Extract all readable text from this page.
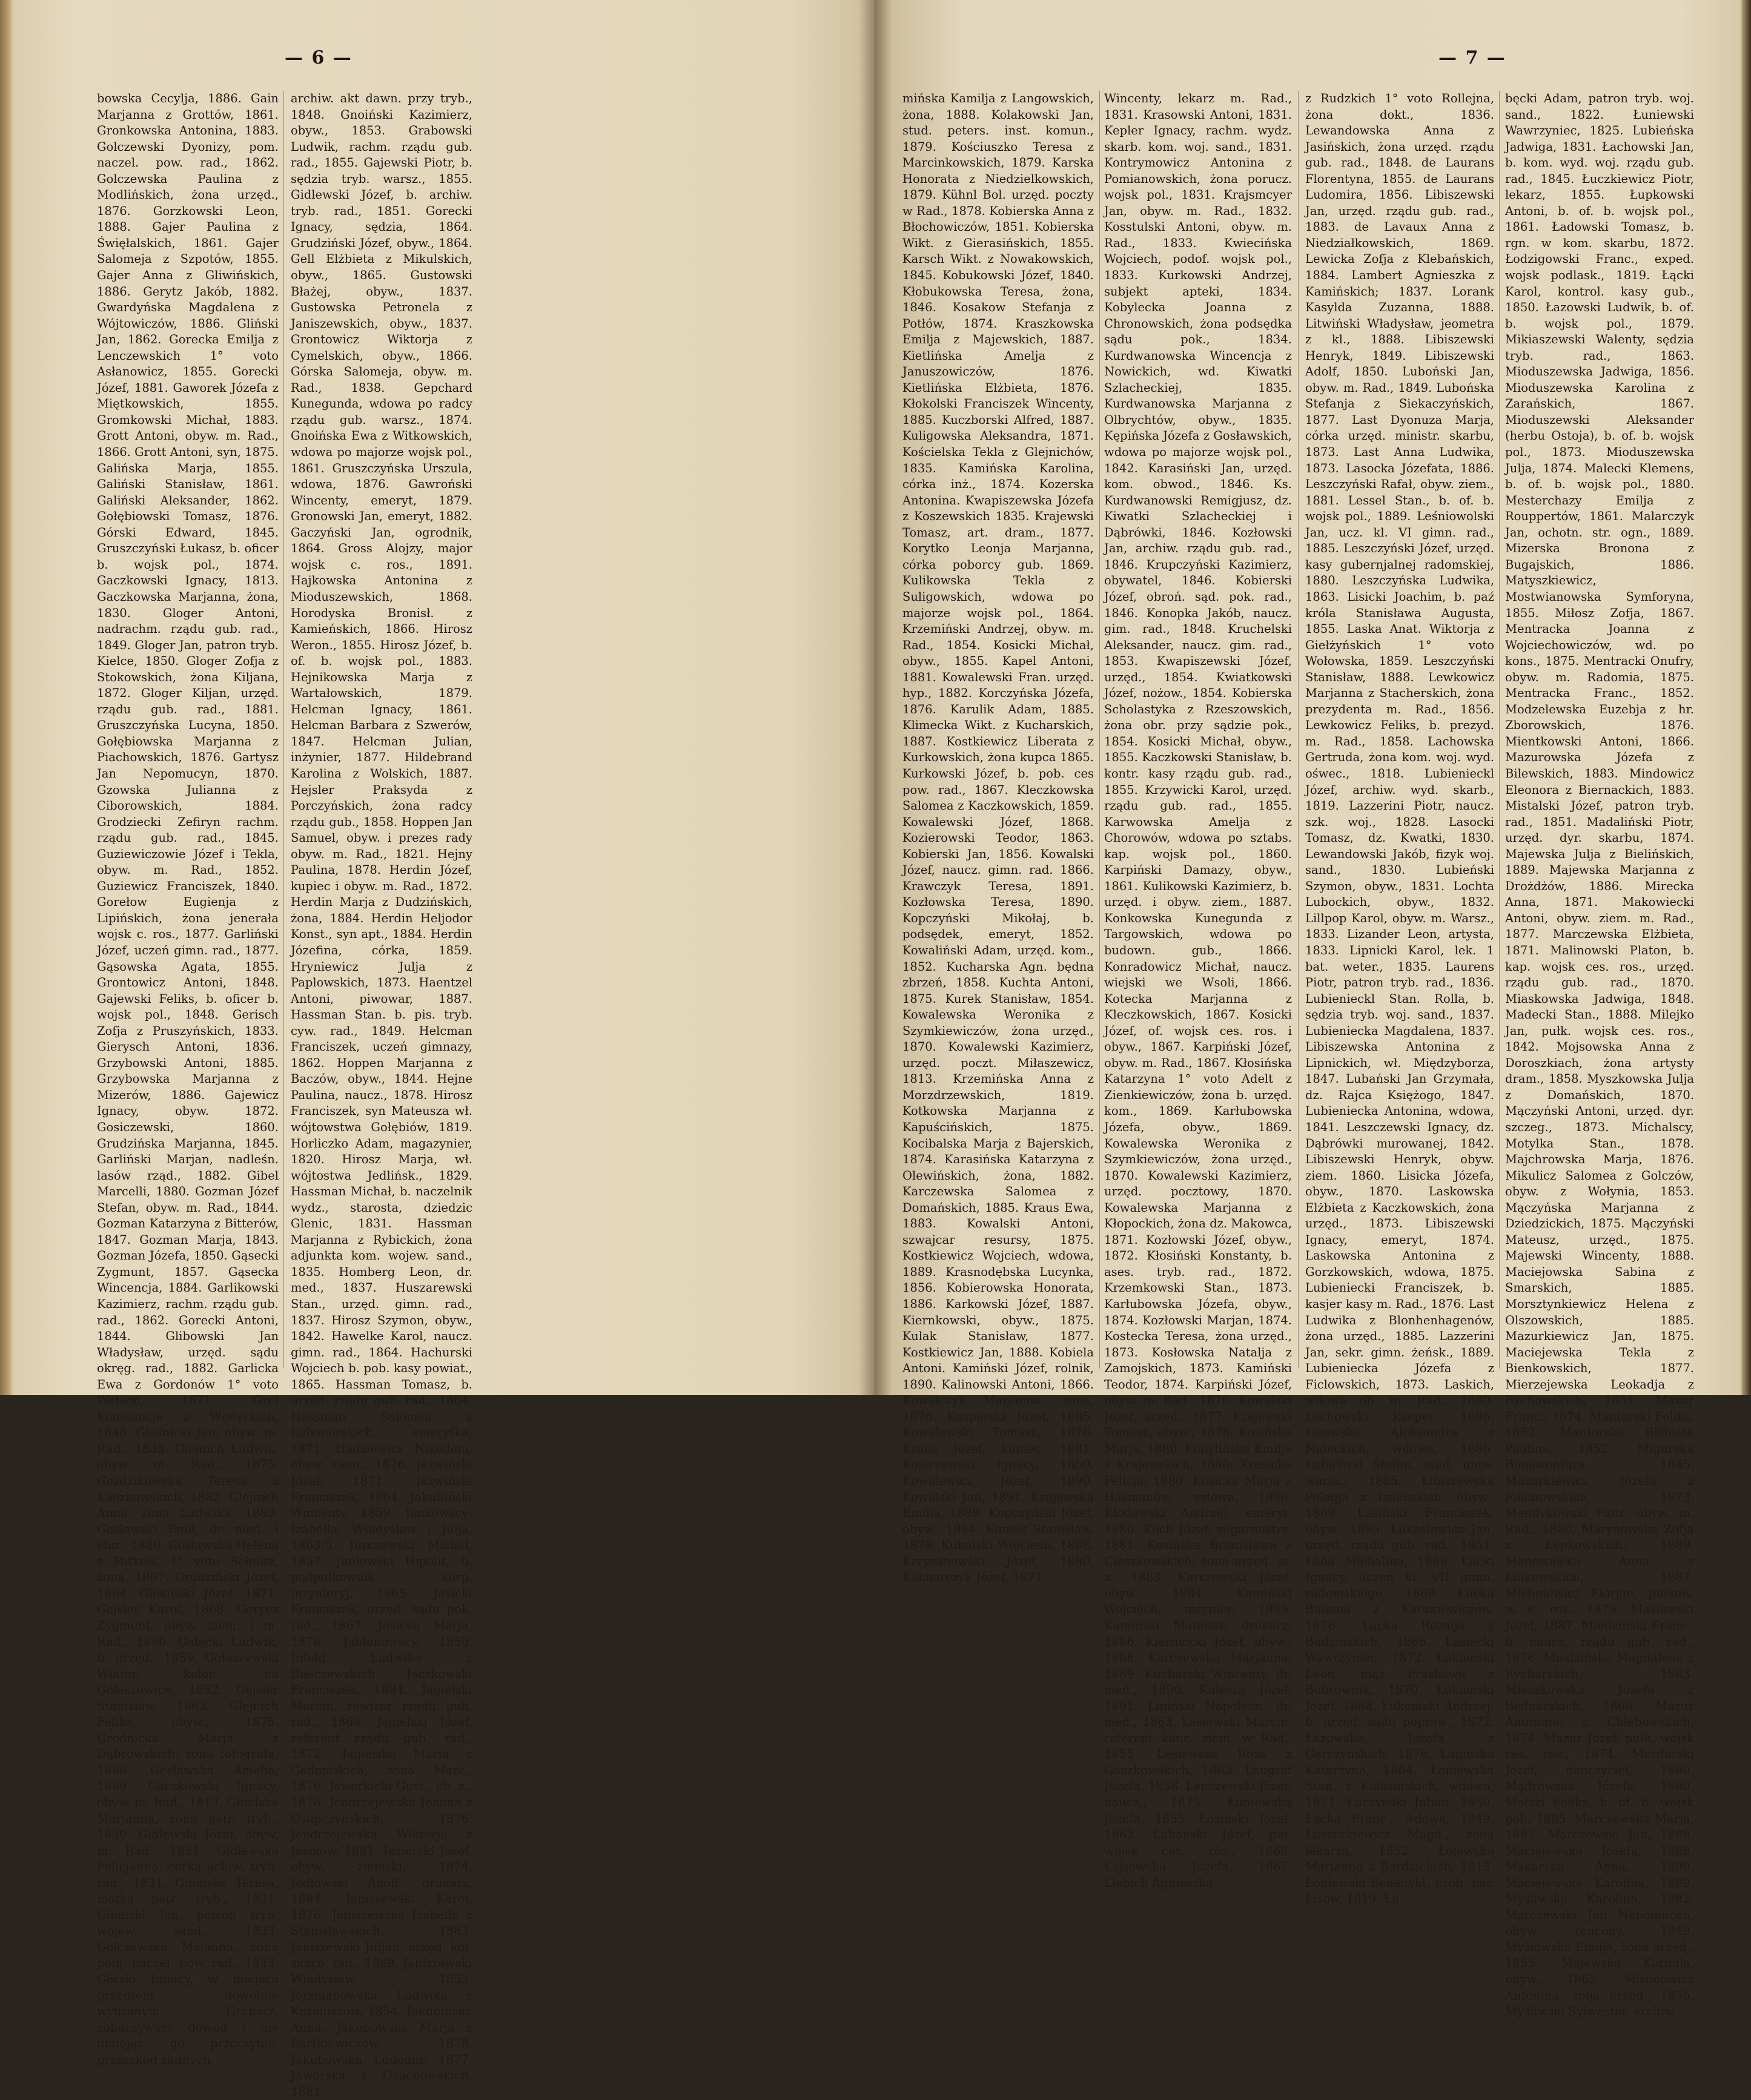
— 6 —

bowska Cecylja, 1886. Gain Marjanna z Grottów, 1861. Gronkowska Antonina, 1883. Golczewski Dyonizy, pom. naczel. pow. rad., 1862. Golczewska Paulina z Modlińskich, żona urzęd., 1876. Gorzkowski Leon, 1888. Gajer Paulina z Święłalskich, 1861. Gajer Salomeja z Szpotów, 1855. Gajer Anna z Gliwińskich, 1886. Gerytz Jakób, 1882. Gwardyńska Magdalena z Wójtowiczów, 1886. Gliński Jan, 1862. Gorecka Emilja z Lenczewskich 1° voto Asłanowicz, 1855. Gorecki Józef, 1881. Gaworek Józefa z Miętkowskich, 1855. Gromkowski Michał, 1883. Grott Antoni, obyw. m. Rad., 1866. Grott Antoni, syn, 1875. Galińska Marja, 1855. Galiński Stanisław, 1861. Galiński Aleksander, 1862. Gołębiowski Tomasz, 1876. Górski Edward, 1845. Gruszczyński Łukasz, b. oficer b. wojsk pol., 1874. Gaczkowski Ignacy, 1813. Gaczkowska Marjanna, żona, 1830. Gloger Antoni, nadrachm. rządu gub. rad., 1849. Gloger Jan, patron tryb. Kielce, 1850. Gloger Zofja z Stokowskich, żona Kiljana, 1872. Gloger Kiljan, urzęd. rządu gub. rad., 1881. Gruszczyńska Lucyna, 1850. Gołębiowska Marjanna z Piachowskich, 1876. Gartysz Jan Nepomucyn, 1870. Gzowska Julianna z Ciborowskich, 1884. Grodziecki Zefiryn rachm. rządu gub. rad., 1845. Guziewiczowie Józef i Tekla, obyw. m. Rad., 1852. Guziewicz Franciszek, 1840. Gorełow Eugienja z Lipińskich, żona jenerała wojsk c. ros., 1877. Garliński Józef, uczeń gimn. rad., 1877. Gąsowska Agata, 1855. Grontowicz Antoni, 1848. Gajewski Feliks, b. oficer b. wojsk pol., 1848. Gerisch Zofja z Pruszyńskich, 1833. Gierysch Antoni, 1836. Grzybowski Antoni, 1885. Grzybowska Marjanna z Mizerów, 1886. Gajewicz Ignacy, obyw. 1872. Gosiczewski, 1860. Grudzińska Marjanna, 1845. Garliński Marjan, nadleśn. lasów rząd., 1882. Gibel Marcelli, 1880. Gozman Józef Stefan, obyw. m. Rad., 1844. Gozman Katarzyna z Bitterów, 1847. Gozman Marja, 1843. Gozman Józefa, 1850. Gąsecki Zygmunt, 1857. Gąsecka Wincencja, 1884. Garlikowski Kazimierz, rachm. rządu gub. rad., 1862. Gorecki Antoni, 1844. Glibowski Jan Władysław, urzęd. sądu okręg. rad., 1882. Garlicka Ewa z Gordonów 1° voto Watson, 1871. Gzel Konstancja z Wędyckich, 1848. Gleśnicki Jan, obyw. m. Rad., 1833. Glejnich Ludwik, obyw. m. Rad., 1875. Goździkowska Teresa z Kaczkowskich, 1882. Glejnich Anna, żona Ludwika, 1883. Gosławski Emil, dr. med. i chir., 1880. Gosławska Helena z Patków, 1° voto Schultz, żona, 1867. Grudziński Józef, 1864. Gliwiński Józef, 1871. Gejsler Karol, 1868. Geryez Zygmunt, obyw. ziem. i m. Rad., 1890. Gałecki Ludwik, b. urzęd., 1859. Gołaszewski Wiktor, kolon. na Gołaszowice, 1852. Gejsler Stanisław, 1863. Glejnich Feliks, obyw., 1875. Grodnicka Marja z Dąbrowskich, żona fotografa, 1888. Gosławska Amelja, 1889. Gaczkowski Ignacy, obyw. m. Rad., 1813. Ginalska Marjanna, żona patr. tryb., 1830. Gidlewski Józef, obyw. m. Rad., 1831. Gidlewska Felicjanna, córka achiw. tryb. rad., 1831. Ginalska Teresa, matka patr. tryb., 1831. Ginalski Jan, patron tryb. wojew. sand., 1833. Golczewska Majanna, żona pom. naczel. pow. rad., 1843. Górski Ignacy, w miejscu przedtem dowolnie wybranym. Grabarz, zobaczywszy dowód i nie umiejąc go przeczytać, przeszkód żadnych

archiw. akt dawn. przy tryb., 1848. Gnoiński Kazimierz, obyw., 1853. Grabowski Ludwik, rachm. rządu gub. rad., 1855. Gajewski Piotr, b. sędzia tryb. warsz., 1855. Gidlewski Józef, b. archiw. tryb. rad., 1851. Gorecki Ignacy, sędzia, 1864. Grudziński Józef, obyw., 1864. Gell Elżbieta z Mikulskich, obyw., 1865. Gustowski Błażej, obyw., 1837. Gustowska Petronela z Janiszewskich, obyw., 1837. Grontowicz Wiktorja z Cymelskich, obyw., 1866. Górska Salomeja, obyw. m. Rad., 1838. Gepchard Kunegunda, wdowa po radcy rządu gub. warsz., 1874. Gnoińska Ewa z Witkowskich, wdowa po majorze wojsk pol., 1861. Gruszczyńska Urszula, wdowa, 1876. Gawroński Wincenty, emeryt, 1879. Gronowski Jan, emeryt, 1882. Gaczyński Jan, ogrodnik, 1864. Gross Alojzy, major wojsk c. ros., 1891. Hajkowska Antonina z Mioduszewskich, 1868. Horodyska Bronisł. z Kamieńskich, 1866. Hirosz Weron., 1855. Hirosz Józef, b. of. b. wojsk pol., 1883. Hejnikowska Marja z Wartałowskich, 1879. Helcman Ignacy, 1861. Helcman Barbara z Szwerów, 1847. Helcman Julian, inżynier, 1877. Hildebrand Karolina z Wolskich, 1887. Hejsler Praksyda z Porczyńskich, żona radcy rządu gub., 1858. Hoppen Jan Samuel, obyw. i prezes rady obyw. m. Rad., 1821. Hejny Paulina, 1878. Herdin Józef, kupiec i obyw. m. Rad., 1872. Herdin Marja z Dudzińskich, żona, 1884. Herdin Heljodor Konst., syn apt., 1884. Herdin Józefina, córka, 1859. Hryniewicz Julja z Paplowskich, 1873. Haentzel Antoni, piwowar, 1887. Hassman Stan. b. pis. tryb. cyw. rad., 1849. Helcman Franciszek, uczeń gimnazy, 1862. Hoppen Marjanna z Baczów, obyw., 1844. Hejne Paulina, naucz., 1878. Hirosz Franciszek, syn Mateusza wł. wójtowstwa Gołębiów, 1819. Horliczko Adam, magazynier, 1820. Hirosz Marja, wł. wójtostwa Jedlińsk., 1829. Hassman Michał, b. naczelnik wydz., starosta, dziedzic Glenic, 1831. Hassman Marjanna z Rybickich, żona adjunkta kom. wojew. sand., 1835. Homberg Leon, dr. med., 1837. Huszarewski Stan., urzęd. gimn. rad., 1837. Hirosz Szymon, obyw., 1842. Hawelke Karol, naucz. gimn. rad., 1864. Hachurski Wojciech b. pob. kasy powiat., 1865. Hassman Tomasz, b. urzęd. rządu gub. rad., 1864. Hassman Salomea z Lubomirskich, emerytka, 1871. Hadziewicz Nikodem, obyw. ziem., 1876. Jaźwiński Józef, 1871. Jaźwiński Franciszek, 1864. Jakubiński Wincenty, 1859. Jankowscy: Izabella, Władysław i Julja, 1863/5. Jurczewski Michał, 1857. Juniewski Hipolit, b. podpułkownik korp. inżynieryj, 1865. Jasicki Franciszek, urzęd. sądu pok. rad., 1867. Jasicka Marja, 1878. Jabłonowscy, 1850. Infeld Ludwika z Bielczewskich. Jaczkowski Franciszek, 1884. Jagielski Marcin, rewizor rządu gub. rad., 1868. Jagielski Józef, referent rządu gub. rad., 1872. Jagielska Marja z Gadomskich, żona Marc., 1876. Jaworkicki Gust., ob. z., 1878. Jendrzejewska Joanna z Osupczyńskich, 1876. Jendrzejewska Wiktorja z Jasików, 1881. Jezierski Józef, obyw. ziemski, 1874. Jodłowski Adolf, drukarz, 1884. Janiszewski Karol, 1876. Janiszewska Izabella z Stanisławskich, 1883. Janiszewski Juljan, urzęd. kol. skarb. rad., 1889. Janiszewski Władysław, 1853. Jerzmanowska Ludwika z Kurejuszów, 1854. Jakubińska Anna, Jakubowska Marja z Bartkiewiczów, 1878. Jakubowska Ludomir, 1877. Jaworska z Osuchowskich, 1881.

— 7 —

mińska Kamilja z Langowskich, żona, 1888. Kolakowski Jan, stud. peters. inst. komun., 1879. Kościuszko Teresa z Marcinkowskich, 1879. Karska Honorata z Niedzielkowskich, 1879. Kühnl Bol. urzęd. poczty w Rad., 1878. Kobierska Anna z Błochowiczów, 1851. Kobierska Wikt. z Gierasińskich, 1855. Karsch Wikt. z Nowakowskich, 1845. Kobukowski Józef, 1840. Kłobukowska Teresa, żona, 1846. Kosakow Stefanja z Potłów, 1874. Kraszkowska Emilja z Majewskich, 1887. Kietlińska Amelja z Januszowiczów, 1876. Kietlińska Elżbieta, 1876. Kłokolski Franciszek Wincenty, 1885. Kuczborski Alfred, 1887. Kuligowska Aleksandra, 1871. Kościelska Tekla z Glejnichów, 1835. Kamińska Karolina, córka inż., 1874. Kozerska Antonina. Kwapiszewska Józefa z Koszewskich 1835. Krajewski Tomasz, art. dram., 1877. Korytko Leonja Marjanna, córka poborcy gub. 1869. Kulikowska Tekla z Suligowskich, wdowa po majorze wojsk pol., 1864. Krzemiński Andrzej, obyw. m. Rad., 1854. Kosicki Michał, obyw., 1855. Kapel Antoni, 1881. Kowalewski Fran. urzęd. hyp., 1882. Korczyńska Józefa, 1876. Karulik Adam, 1885. Klimecka Wikt. z Kucharskich, 1887. Kostkiewicz Liberata z Kurkowskich, żona kupca 1865. Kurkowski Józef, b. pob. ces pow. rad., 1867. Kleczkowska Salomea z Kaczkowskich, 1859. Kowalewski Józef, 1868. Kozierowski Teodor, 1863. Kobierski Jan, 1856. Kowalski Józef, naucz. gimn. rad. 1866. Krawczyk Teresa, 1891. Kozłowska Teresa, 1890. Kopczyński Mikołaj, b. podsędek, emeryt, 1852. Kowaliński Adam, urzęd. kom., 1852. Kucharska Agn. będna zbrzeń, 1858. Kuchta Antoni, 1875. Kurek Stanisław, 1854. Kowalewska Weronika z Szymkiewiczów, żona urzęd., 1870. Kowalewski Kazimierz, urzęd. poczt. Miłaszewicz, 1813. Krzemińska Anna z Morzdrzewskich, 1819. Kotkowska Marjanna z Kapuścińskich, 1875. Kocibalska Marja z Bajerskich, 1874. Karasińska Katarzyna z Olewińskich, żona, 1882. Karczewska Salomea z Domańskich, 1885. Kraus Ewa, 1883. Kowalski Antoni, szwajcar resursy, 1875. Kostkiewicz Wojciech, wdowa, 1889. Krasnodębska Lucynka, 1856. Kobierowska Honorata, 1886. Karkowski Józef, 1887. Kiernkowski, obyw., 1875. Kulak Stanisław, 1877. Kostkiewicz Jan, 1888. Kobiela Antoni. Kamiński Józef, rolnik, 1890. Kalinowski Antoni, 1866. Kowalczyk Marjanna, żona, 1876. Kasperski Józef, 1885. Kowalewski Tomasz, 1878. Kraus Józef, kupiec, 1881. Kostrzewski Ignacy, 1850. Kowalewicz Józef, 1890. Kowalski Jan, 1891. Krajewska Emilja, 1889. Kopczyński Józef, obyw., 1884. Klimek Stanisław, 1878. Kubalski Wojciech, 1868. Krzyżanowski Józef, 1880. Kucharczyk Józef, 1871.

Wincenty, lekarz m. Rad., 1831. Krasowski Antoni, 1831. Kepler Ignacy, rachm. wydz. skarb. kom. woj. sand., 1831. Kontrymowicz Antonina z Pomianowskich, żona porucz. wojsk pol., 1831. Krajsmcyer Jan, obyw. m. Rad., 1832. Kosstulski Antoni, obyw. m. Rad., 1833. Kwiecińska Wojciech, podof. wojsk pol., 1833. Kurkowski Andrzej, subjekt apteki, 1834. Kobylecka Joanna z Chronowskich, żona podsędka sądu pok., 1834. Kurdwanowska Wincencja z Nowickich, wd. Kiwatki Szlacheckiej, 1835. Kurdwanowska Marjanna z Olbrychtów, obyw., 1835. Kępińska Józefa z Gosławskich, wdowa po majorze wojsk pol., 1842. Karasiński Jan, urzęd. kom. obwod., 1846. Ks. Kurdwanowski Remigjusz, dz. Kiwatki Szlacheckiej i Dąbrówki, 1846. Kozłowski Jan, archiw. rządu gub. rad., 1846. Krupczyński Kazimierz, obywatel, 1846. Kobierski Józef, obroń. sąd. pok. rad., 1846. Konopka Jakób, naucz. gim. rad., 1848. Kruchelski Aleksander, naucz. gim. rad., 1853. Kwapiszewski Józef, urzęd., 1854. Kwiatkowski Józef, nożow., 1854. Kobierska Scholastyka z Rzeszowskich, żona obr. przy sądzie pok., 1854. Kosicki Michał, obyw., 1855. Kaczkowski Stanisław, b. kontr. kasy rządu gub. rad., 1855. Krzywicki Karol, urzęd. rządu gub. rad., 1855. Karwowska Amelja z Chorowów, wdowa po sztabs. kap. wojsk pol., 1860. Karpiński Damazy, obyw., 1861. Kulikowski Kazimierz, b. urzęd. i obyw. ziem., 1887. Konkowska Kunegunda z Targowskich, wdowa po budown. gub., 1866. Konradowicz Michał, naucz. wiejski we Wsoli, 1866. Kotecka Marjanna z Kleczkowskich, 1867. Kosicki Józef, of. wojsk ces. ros. i obyw., 1867. Karpiński Józef, obyw. m. Rad., 1867. Kłosińska Katarzyna 1° voto Adelt z Zienkiewiczów, żona b. urzęd. kom., 1869. Karłubowska Józefa, obyw., 1869. Kowalewska Weronika z Szymkiewiczów, żona urzęd., 1870. Kowalewski Kazimierz, urzęd. pocztowy, 1870. Kowalewska Marjanna z Kłopockich, żona dz. Makowca, 1871. Kozłowski Józef, obyw., 1872. Kłosiński Konstanty, b. ases. tryb. rad., 1872. Krzemkowski Stan., 1873. Karłubowska Józefa, obyw., 1874. Kozłowski Marjan, 1874. Kostecka Teresa, żona urzęd., 1873. Kosłowska Natalja z Zamojskich, 1873. Kamiński Teodor, 1874. Karpiński Józef, obyw. m. Rad., 1876. Kowalski Józef, urzęd., 1877. Krajewski Tomasz, obyw., 1878. Kosińska Marja, 1880. Kobylińska Emilja z Krajewskich, 1880. Krasicka Felicja, 1880. Kosicka Marja z Hasmanów, wdowa, 1880. Kłodawski Andrzej, emeryt, 1880. Koch Józef, zegarmistrz, 1881. Kosińska Bronisława z Cieszkowskich, żona urzęd. st. z., 1883. Karczewski Józef, obyw., 1884. Kamiński Wojciech, inżynier, 1885. Kamiński Mateusz, drukarz, 1886. Kierniccki Józef, obyw., 1888. Karczewska Marjanna, 1889. Kucharski Wincenty, dr. med., 1890. Kulesza Józef, 1891. Lipiński Napoleon, dr. med., 1863. Lasiewski Marcin, referent kanc. ziem. w Rad., 1855. Lesiewska Róża z Gaczkowskich, 1863. Laugraf Józefa, 1858. Lenczewski Józef, naucz., 1875. Łuniewska Józefa, 1855. Łoziński Józef, 1862. Lubański Józef, puł. wojsk ces. ros., 1868. Lajsowska Józefa, 1867. Liebich Agnieszka

z Rudzkich 1° voto Rollejna, żona dokt., 1836. Lewandowska Anna z Jasińskich, żona urzęd. rządu gub. rad., 1848. de Laurans Florentyna, 1855. de Laurans Ludomira, 1856. Libiszewski Jan, urzęd. rządu gub. rad., 1883. de Lavaux Anna z Niedziałkowskich, 1869. Lewicka Zofja z Klebańskich, 1884. Lambert Agnieszka z Kamińskich; 1837. Lorank Kasylda Zuzanna, 1888. Litwiński Władysław, jeometra z kl., 1888. Libiszewski Henryk, 1849. Libiszewski Adolf, 1850. Luboński Jan, obyw. m. Rad., 1849. Lubońska Stefanja z Siekaczyńskich, 1877. Last Dyonuza Marja, córka urzęd. ministr. skarbu, 1873. Last Anna Ludwika, 1873. Lasocka Józefata, 1886. Leszczyński Rafał, obyw. ziem., 1881. Lessel Stan., b. of. b. wojsk pol., 1889. Leśniowolski Jan, ucz. kl. VI gimn. rad., 1885. Leszczyński Józef, urzęd. kasy gubernjalnej radomskiej, 1880. Leszczyńska Ludwika, 1863. Lisicki Joachim, b. paź króla Stanisława Augusta, 1855. Laska Anat. Wiktorja z Giełżyńskich 1° voto Wołowska, 1859. Leszczyński Stanisław, 1888. Lewkowicz Marjanna z Stacherskich, żona prezydenta m. Rad., 1856. Lewkowicz Feliks, b. prezyd. m. Rad., 1858. Lachowska Gertruda, żona kom. woj. wyd. ośwec., 1818. Lubienieckl Józef, archiw. wyd. skarb., 1819. Lazzerini Piotr, naucz. szk. woj., 1828. Lasocki Tomasz, dz. Kwatki, 1830. Lewandowski Jakób, fizyk woj. sand., 1830. Lubieński Szymon, obyw., 1831. Lochta Lubockich, obyw., 1832. Lillpop Karol, obyw. m. Warsz., 1833. Lizander Leon, artysta, 1833. Lipnicki Karol, lek. 1 bat. weter., 1835. Laurens Piotr, patron tryb. rad., 1836. Lubienieckl Stan. Rolla, b. sędzia tryb. woj. sand., 1837. Lubieniecka Magdalena, 1837. Libiszewska Antonina z Lipnickich, wł. Międzyborza, 1847. Lubański Jan Grzymała, dz. Rajca Księżogo, 1847. Lubieniecka Antonina, wdowa, 1841. Leszczewski Ignacy, dz. Dąbrówki murowanej, 1842. Libiszewski Henryk, obyw. ziem. 1860. Lisicka Józefa, obyw., 1870. Laskowska Elżbieta z Kaczkowskich, żona urzęd., 1873. Libiszewski Ignacy, emeryt, 1874. Laskowska Antonina z Gorzkowskich, wdowa, 1875. Lubieniecki Franciszek, b. kasjer kasy m. Rad., 1876. Last Ludwika z Blonhenhagenów, żona urzęd., 1885. Lazzerini Jan, sekr. gimn. żeńsk., 1889. Lubieniecka Józefa z Ficlowskich, 1873. Laskich, wdowa ob. m. Rad., 1880. Lechowski Kacper, 1886. Lisowska Aleksandra z Nideckich, wdowa, 1886. Lubicński Stefan, stud. uniw. warsz., 1885. Libiszewska Pelagja z Izdebskich, obyw., 1869. Lasiński Franciszek, obyw., 1885. Łukasiewicz Jan, urzęd. rządu gub. rad., 1851. Łada Michalina, 1889. Łucki Ignacy, uczeń kl. VII gimn. radomskiego, 1869. Łucka Balbina z Kaczkiewiczów, 1876. Łącka Rozalja z Budzińskich, 1866. Łasiecki Wawrzyniec, 1872. Łukomski Leon, mąż Praskowji z Bobrownik, 1870. Łukomski Józef, 1868. Łukomski Andrzej, b. urzęd. sądu popraw., 1872. Łazowska Józefa z Garczyńskich, 1876. Łapińska Katarzyna, 1864. Łoniewska Stan. z Kolasińskich, wdowa, 1871. Łuczyński Julian, 1850. Łącka Franc., wdowa, 1849. Łuszczkiewicz Magd., żona lekarza, 1852. Łojewska Marjanna z Bardzickich, 1813. Łoniewski Benedykt, prob. par. Lisów, 1819. Łu-

bęcki Adam, patron tryb. woj. sand., 1822. Łuniewski Wawrzyniec, 1825. Lubieńska Jadwiga, 1831. Łachowski Jan, b. kom. wyd. woj. rządu gub. rad., 1845. Łuczkiewicz Piotr, lekarz, 1855. Łupkowski Antoni, b. of. b. wojsk pol., 1861. Ładowski Tomasz, b. rgn. w kom. skarbu, 1872. Łodzigowski Franc., exped. wojsk podlask., 1819. Łącki Karol, kontrol. kasy gub., 1850. Łazowski Ludwik, b. of. b. wojsk pol., 1879. Mikiaszewski Walenty, sędzia tryb. rad., 1863. Mioduszewska Jadwiga, 1856. Mioduszewska Karolina z Zarańskich, 1867. Mioduszewski Aleksander (herbu Ostoja), b. of. b. wojsk pol., 1873. Mioduszewska Julja, 1874. Malecki Klemens, b. of. b. wojsk pol., 1880. Mesterchazy Emilja z Rouppertów, 1861. Malarczyk Jan, ochotn. str. ogn., 1889. Mizerska Bronona z Bugajskich, 1886. Matyszkiewicz, Mostwianowska Symforyna, 1855. Miłosz Zofja, 1867. Mentracka Joanna z Wojciechowiczów, wd. po kons., 1875. Mentracki Onufry, obyw. m. Radomia, 1875. Mentracka Franc., 1852. Modzelewska Euzebja z hr. Zborowskich, 1876. Mientkowski Antoni, 1866. Mazurowska Józefa z Bilewskich, 1883. Mindowicz Eleonora z Biernackich, 1883. Mistalski Józef, patron tryb. rad., 1851. Madaliński Piotr, urzęd. dyr. skarbu, 1874. Majewska Julja z Bielińskich, 1889. Majewska Marjanna z Drożdżów, 1886. Mirecka Anna, 1871. Makowiecki Antoni, obyw. ziem. m. Rad., 1877. Marczewska Elżbieta, 1871. Malinowski Platon, b. kap. wojsk ces. ros., urzęd. rządu gub. rad., 1870. Miaskowska Jadwiga, 1848. Madecki Stan., 1888. Milejko Jan, pułk. wojsk ces. ros., 1842. Mojsowska Anna z Doroszkiach, żona artysty dram., 1858. Myszkowska Julja z Domańskich, 1870. Mączyński Antoni, urzęd. dyr. szczeg., 1873. Michalscy, Motylka Stan., 1878. Majchrowska Marja, 1876. Mikulicz Salomea z Golczów, obyw. z Wołynia, 1853. Mączyńska Marjanna z Dziedzickich, 1875. Mączyński Mateusz, urzęd., 1875. Majewski Wincenty, 1888. Maciejowska Sabina z Smarskich, 1885. Morsztynkiewicz Helena z Olszowskich, 1885. Mazurkiewicz Jan, 1875. Maciejewska Tekla z Bienkowskich, 1877. Mierzejewska Leokadja z Bychowskich, 1851. Mazur Franc., 1874. Mantorski Feliks, 1852. Mantorska Elżbieta Paulina, 1852. Migurska Bonawentura, 1845. Mazurkiewicz Józefa z Filichowskich, 1873. Mendykowski Piotr, obyw. m. Rad., 1880. Marynowska Zofja z Łępkowskich, 1889. Manowiecka Anna z Łinkowskich, 1887. Michniewicz Florjan, pułkow. w. c. ros., 1879. Masłowski Józef, 1887. Miedziński Franc., b. naucz. rządu gub. rad., 1876. Miedzińska Magdalena z Rycharskich, 1883. Mieszkowska Józefa z Bednarskich, 1868. Mazur Antonina, z Chlebowskich, 1874. Mazur Józef, pułk. wojsk ces. ros., 1874. Mordarski Józef, nauczyciel, 1880. Mądrowska Józefa, 1880. Molski Feliks, b. of. b. wojsk pol., 1885. Marczewska Marja, 1887. Marczewski Jan, 1888. Maciejewska Józefa, 1888. Makarska Anna, 1890. Maciejewska Karolina, 1889. Myśliwska Karolina, 1882. Marczewski Jan Nepomucen, obyw. rencony, 1849. Mysłowska Emilja, żona urzęd., 1855. Majewska Kordula, obyw., 1862. Mironowicz Antonina, żona urzęd., 1856. Myśliwski Sylwester, archiw.
